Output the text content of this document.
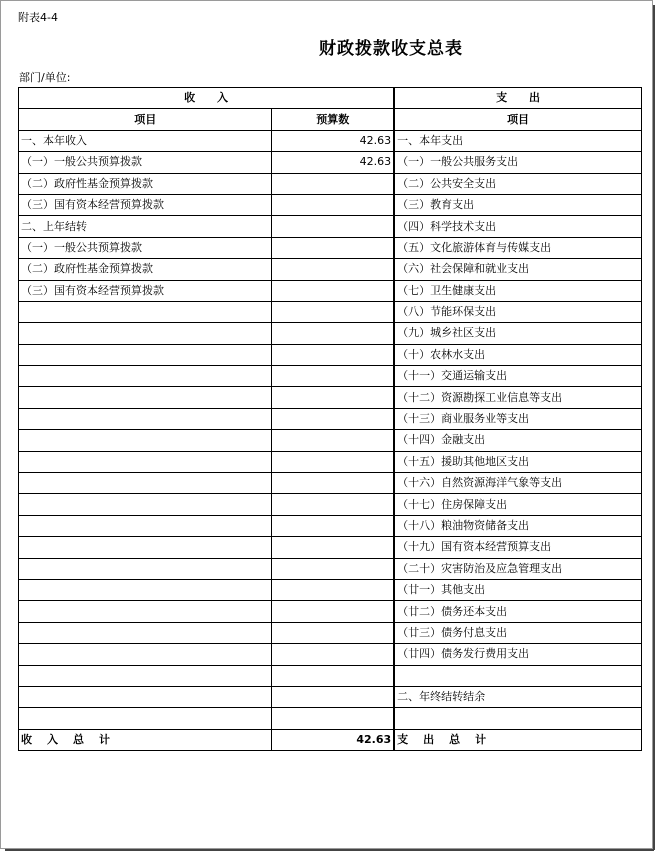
附表4-4
财政拨款收支总表
部门/单位:
收　　入		支　　出
项目	预算数	项目
一、本年收入	42.63	一、本年支出
（一）一般公共预算拨款	42.63	（一）一般公共服务支出
（二）政府性基金预算拨款		（二）公共安全支出
（三）国有资本经营预算拨款		（三）教育支出
二、上年结转		（四）科学技术支出
（一）一般公共预算拨款		（五）文化旅游体育与传媒支出
（二）政府性基金预算拨款		（六）社会保障和就业支出
（三）国有资本经营预算拨款		（七）卫生健康支出
		（八）节能环保支出
		（九）城乡社区支出
		（十）农林水支出
		（十一）交通运输支出
		（十二）资源勘探工业信息等支出
		（十三）商业服务业等支出
		（十四）金融支出
		（十五）援助其他地区支出
		（十六）自然资源海洋气象等支出
		（十七）住房保障支出
		（十八）粮油物资储备支出
		（十九）国有资本经营预算支出
		（二十）灾害防治及应急管理支出
		（廿一）其他支出
		（廿二）债务还本支出
		（廿三）债务付息支出
		（廿四）债务发行费用支出

		二、年终结转结余

收　入　总　计	42.63	支　出　总　计
